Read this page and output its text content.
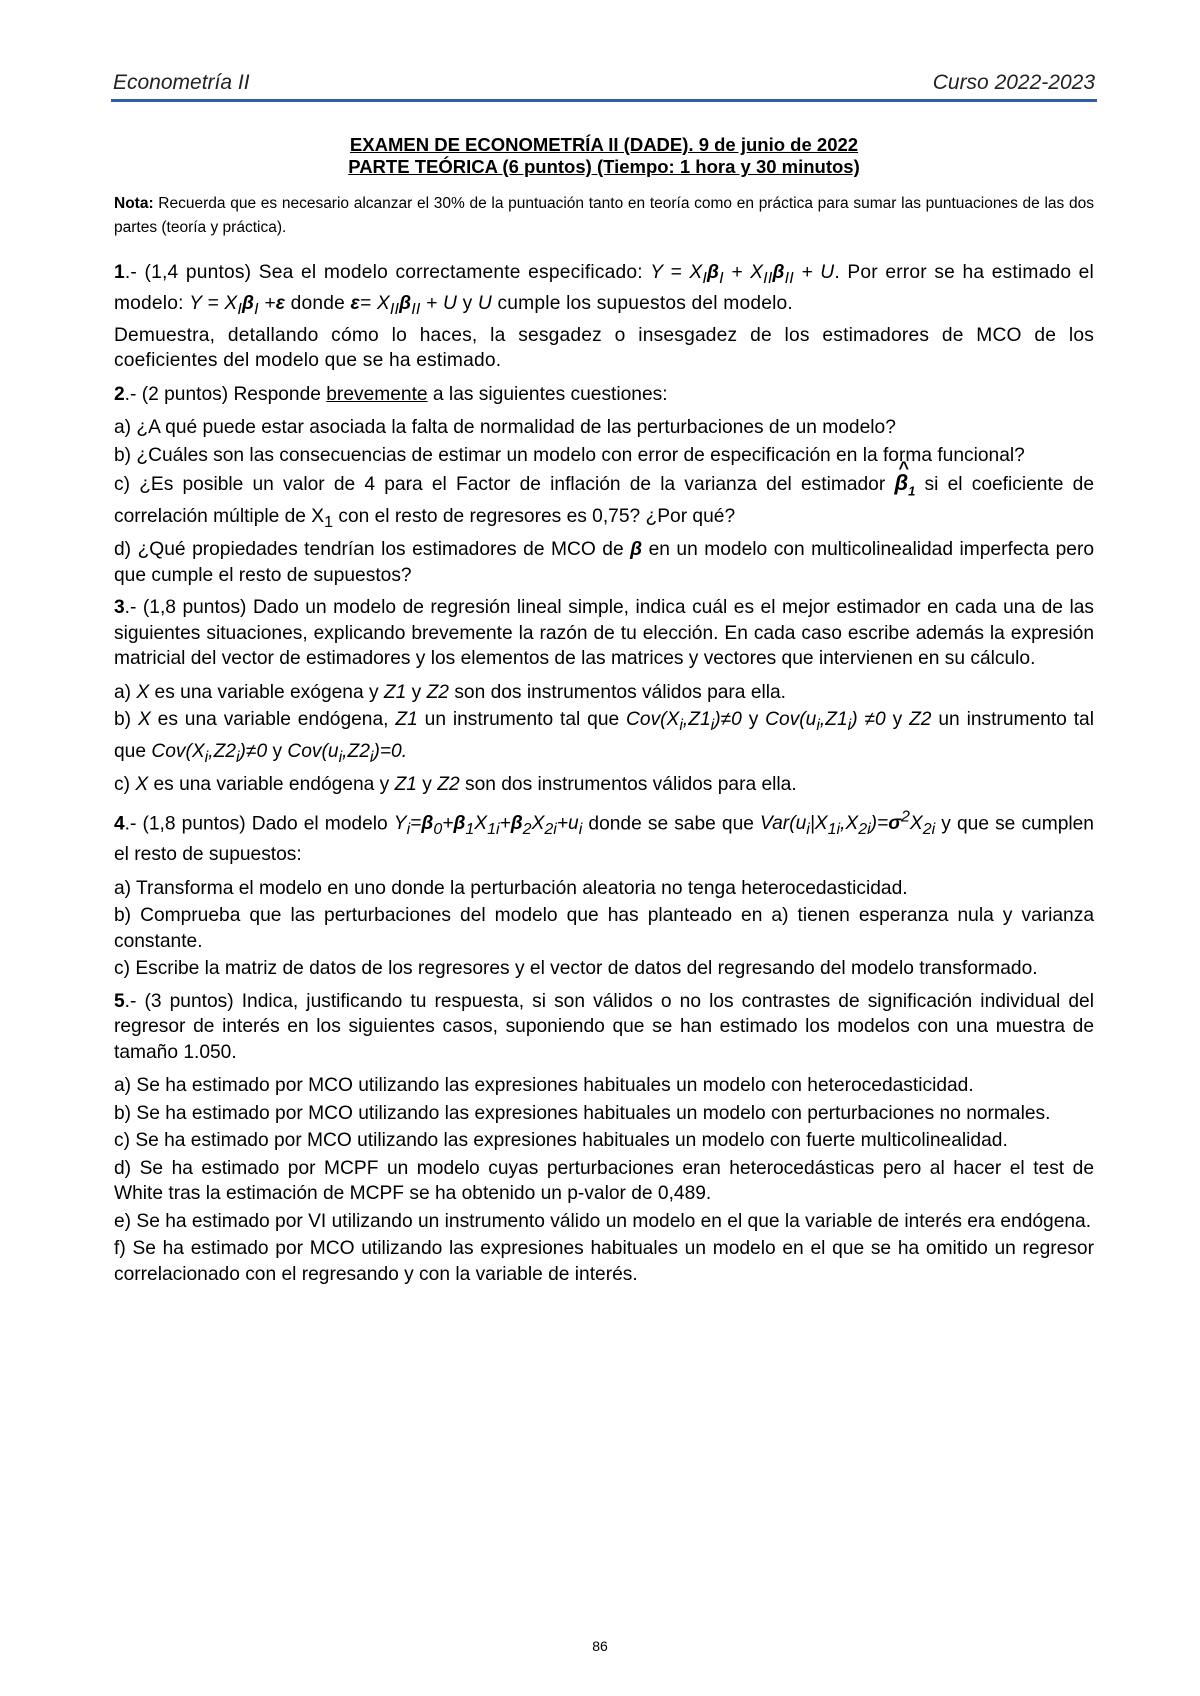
Econometría II	Curso 2022-2023
EXAMEN DE ECONOMETRÍA II (DADE). 9 de junio de 2022
PARTE TEÓRICA (6 puntos) (Tiempo: 1 hora y 30 minutos)

Nota: Recuerda que es necesario alcanzar el 30% de la puntuación tanto en teoría como en práctica para sumar las puntuaciones de las dos partes (teoría y práctica).

1.- (1,4 puntos) Sea el modelo correctamente especificado: $Y = X_I\beta_I + X_{II}\beta_{II} + U$. Por error se ha estimado el modelo: $Y = X_I\beta_I +\varepsilon$ donde $\varepsilon= X_{II}\beta_{II} + U$ y U cumple los supuestos del modelo.
Demuestra, detallando cómo lo haces, la sesgadez o insesgadez de los estimadores de MCO de los coeficientes del modelo que se ha estimado.

2.- (2 puntos) Responde brevemente a las siguientes cuestiones:

a) ¿A qué puede estar asociada la falta de normalidad de las perturbaciones de un modelo?

b) ¿Cuáles son las consecuencias de estimar un modelo con error de especificación en la forma funcional?

c) ¿Es posible un valor de 4 para el Factor de inflación de la varianza del estimador ^ $\beta_1$ si el coeficiente de correlación múltiple de $X_1$ con el resto de regresores es 0,75? ¿Por qué?

d) ¿Qué propiedades tendrían los estimadores de MCO de β en un modelo con multicolinealidad imperfecta pero que cumple el resto de supuestos?

3.- (1,8 puntos) Dado un modelo de regresión lineal simple, indica cuál es el mejor estimador en cada una de las siguientes situaciones, explicando brevemente la razón de tu elección. En cada caso escribe además la expresión matricial del vector de estimadores y los elementos de las matrices y vectores que intervienen en su cálculo.

a) X es una variable exógena y Z1 y Z2 son dos instrumentos válidos para ella.

b) X es una variable endógena, Z1 un instrumento tal que $Cov(X_i,Z1_i)\ne 0$ y $Cov(u_i,Z1_i) \ne 0$ y Z2 un instrumento tal que $Cov(X_i,Z2_i)\ne 0$ y $Cov(u_i,Z2_i)=0$.

c) X es una variable endógena y Z1 y Z2 son dos instrumentos válidos para ella.

4.- (1,8 puntos) Dado el modelo $Y_i=\beta_0+\beta_1X_{1i}+\beta_2X_{2i}+u_i$ donde se sabe que $Var(u_i|X_{1i},X_{2i})=\sigma^2X_{2i}$ y que se cumplen el resto de supuestos:

a) Transforma el modelo en uno donde la perturbación aleatoria no tenga heterocedasticidad.

b) Comprueba que las perturbaciones del modelo que has planteado en a) tienen esperanza nula y varianza constante.

c) Escribe la matriz de datos de los regresores y el vector de datos del regresando del modelo transformado.

5.- (3 puntos) Indica, justificando tu respuesta, si son válidos o no los contrastes de significación individual del regresor de interés en los siguientes casos, suponiendo que se han estimado los modelos con una muestra de tamaño 1.050.

a) Se ha estimado por MCO utilizando las expresiones habituales un modelo con heterocedasticidad.

b) Se ha estimado por MCO utilizando las expresiones habituales un modelo con perturbaciones no normales.

c) Se ha estimado por MCO utilizando las expresiones habituales un modelo con fuerte multicolinealidad.

d) Se ha estimado por MCPF un modelo cuyas perturbaciones eran heterocedásticas pero al hacer el test de White tras la estimación de MCPF se ha obtenido un p-valor de 0,489.

e) Se ha estimado por VI utilizando un instrumento válido un modelo en el que la variable de interés era endógena.

f) Se ha estimado por MCO utilizando las expresiones habituales un modelo en el que se ha omitido un regresor correlacionado con el regresando y con la variable de interés.

86
